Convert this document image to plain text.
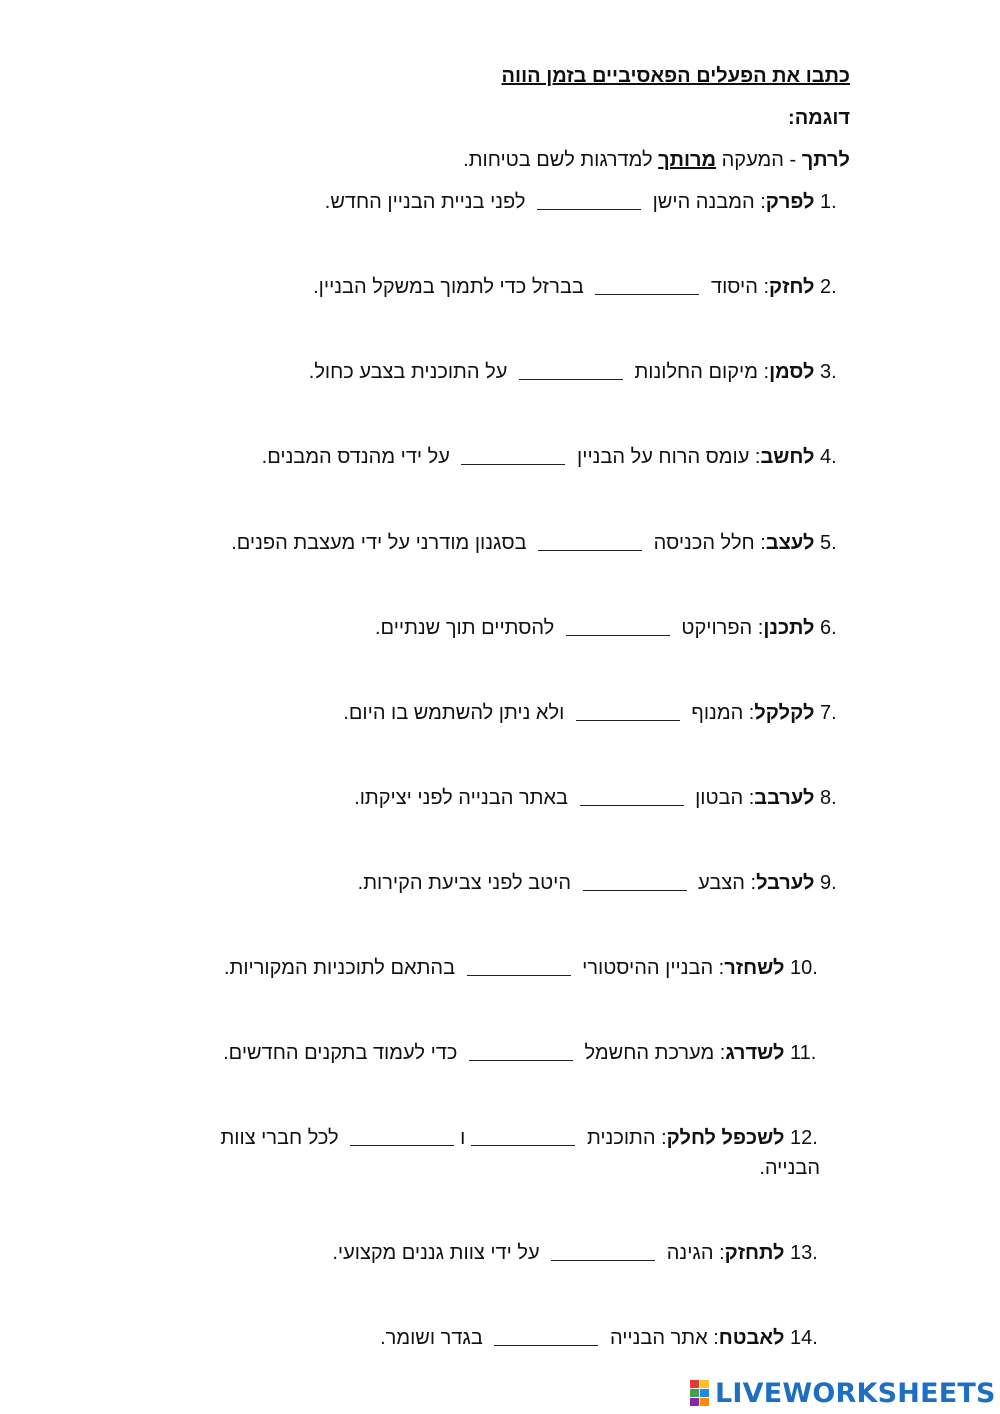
כתבו את הפעלים הפאסיביים בזמן הווה
דוגמה:
לרתך - המעקה מרותך למדרגות לשם בטיחות.
1. לפרק: המבנה הישן  לפני בניית הבניין החדש.
2. לחזק: היסוד  בברזל כדי לתמוך במשקל הבניין.
3. לסמן: מיקום החלונות  על התוכנית בצבע כחול.
4. לחשב: עומס הרוח על הבניין  על ידי מהנדס המבנים.
5. לעצב: חלל הכניסה  בסגנון מודרני על ידי מעצבת הפנים.
6. לתכנן: הפרויקט  להסתיים תוך שנתיים.
7. לקלקל: המנוף  ולא ניתן להשתמש בו היום.
8. לערבב: הבטון  באתר הבנייה לפני יציקתו.
9. לערבל: הצבע  היטב לפני צביעת הקירות.
10. לשחזר: הבניין ההיסטורי  בהתאם לתוכניות המקוריות.
11. לשדרג: מערכת החשמל  כדי לעמוד בתקנים החדשים.
12. לשכפל לחלק: התוכנית ו לכל חברי צוות
הבנייה.
13. לתחזק: הגינה  על ידי צוות גננים מקצועי.
14. לאבטח: אתר הבנייה  בגדר ושומר.
LIVEWORKSHEETS
